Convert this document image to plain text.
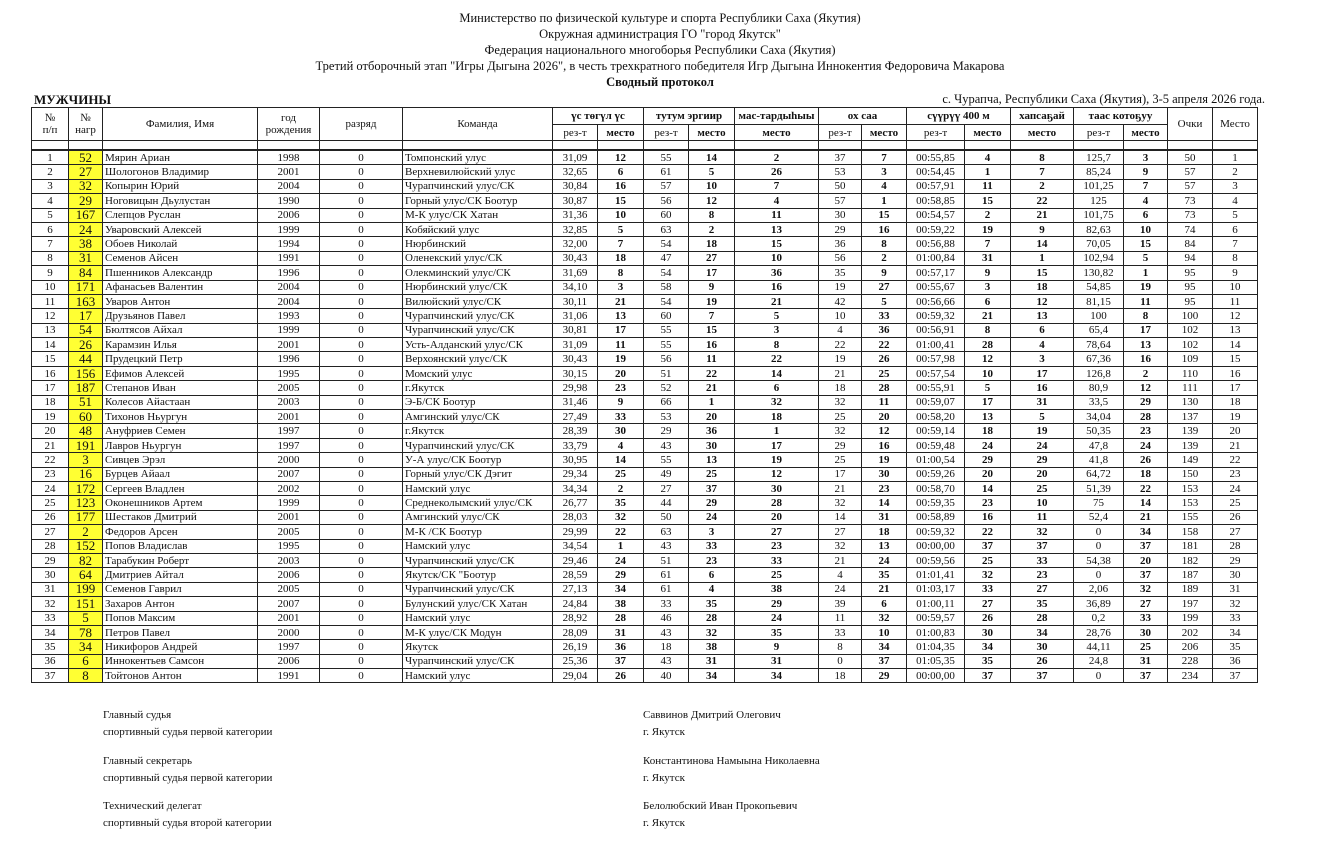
Министерство по физической культуре и спорта Республики Саха (Якутия)
Окружная администрация ГО "город Якутск"
Федерация национального многоборья Республики Саха (Якутия)
Третий отборочный этап "Игры Дыгына 2026", в честь трехкратного победителя Игр Дыгына Иннокентия Федоровича Макарова
Сводный протокол
МУЖЧИНЫ	с. Чурапча, Республики Саха (Якутия), 3-5 апреля 2026 года.
№
п/п	№
нагр	Фамилия, Имя	год
рождения	разряд	Команда	үс төгүл үс		тутум эргиир		мас-тардыһыы	ох саа		сүүрүү 400 м		хапсаҕай	таас котоҕуу		Очки	Место
						рез-т	место	рез-т	место	место	рез-т	место	рез-т	место	место	рез-т	место		

1	52	Мярин Ариан	1998	0	Томпонский улус	31,09	12	55	14	2	37	7	00:55,85	4	8	125,7	3	50	1
2	27	Шологонов Владимир	2001	0	Верхневилюйский улус	32,65	6	61	5	26	53	3	00:54,45	1	7	85,24	9	57	2
3	32	Копырин Юрий	2004	0	Чурапчинский улус/СК	30,84	16	57	10	7	50	4	00:57,91	11	2	101,25	7	57	3
4	29	Ноговицын Дьулустан	1990	0	Горный улус/СК Боотур	30,87	15	56	12	4	57	1	00:58,85	15	22	125	4	73	4
5	167	Слепцов Руслан	2006	0	М-К улус/СК Хатан	31,36	10	60	8	11	30	15	00:54,57	2	21	101,75	6	73	5
6	24	Уваровский Алексей	1999	0	Кобяйский улус	32,85	5	63	2	13	29	16	00:59,22	19	9	82,63	10	74	6
7	38	Обоев Николай	1994	0	Нюрбинский	32,00	7	54	18	15	36	8	00:56,88	7	14	70,05	15	84	7
8	31	Семенов Айсен	1991	0	Оленекский улус/СК	30,43	18	47	27	10	56	2	01:00,84	31	1	102,94	5	94	8
9	84	Пшенников Александр	1996	0	Олекминский улус/СК	31,69	8	54	17	36	35	9	00:57,17	9	15	130,82	1	95	9
10	171	Афанасьев Валентин	2004	0	Нюрбинский улус/СК	34,10	3	58	9	16	19	27	00:55,67	3	18	54,85	19	95	10
11	163	Уваров Антон	2004	0	Вилюйский улус/СК	30,11	21	54	19	21	42	5	00:56,66	6	12	81,15	11	95	11
12	17	Друзьянов Павел	1993	0	Чурапчинский улус/СК	31,06	13	60	7	5	10	33	00:59,32	21	13	100	8	100	12
13	54	Бюлтясов Айхал	1999	0	Чурапчинский улус/СК	30,81	17	55	15	3	4	36	00:56,91	8	6	65,4	17	102	13
14	26	Карамзин Илья	2001	0	Усть-Алданский улус/СК	31,09	11	55	16	8	22	22	01:00,41	28	4	78,64	13	102	14
15	44	Прудецкий Петр	1996	0	Верхоянский улус/СК	30,43	19	56	11	22	19	26	00:57,98	12	3	67,36	16	109	15
16	156	Ефимов Алексей	1995	0	Момский улус	30,15	20	51	22	14	21	25	00:57,54	10	17	126,8	2	110	16
17	187	Степанов Иван	2005	0	г.Якутск	29,98	23	52	21	6	18	28	00:55,91	5	16	80,9	12	111	17
18	51	Колесов Айастаан	2003	0	Э-Б/СК Боотур	31,46	9	66	1	32	32	11	00:59,07	17	31	33,5	29	130	18
19	60	Тихонов Ньургун	2001	0	Амгинский улус/СК	27,49	33	53	20	18	25	20	00:58,20	13	5	34,04	28	137	19
20	48	Ануфриев Семен	1997	0	г.Якутск	28,39	30	29	36	1	32	12	00:59,14	18	19	50,35	23	139	20
21	191	Лавров Ньургун	1997	0	Чурапчинский улус/СК	33,79	4	43	30	17	29	16	00:59,48	24	24	47,8	24	139	21
22	3	Сивцев Эрэл	2000	0	У-А улус/СК Боотур	30,95	14	55	13	19	25	19	01:00,54	29	29	41,8	26	149	22
23	16	Бурцев Айаал	2007	0	Горный улус/СК Дэгит	29,34	25	49	25	12	17	30	00:59,26	20	20	64,72	18	150	23
24	172	Сергеев Владлен	2002	0	Намский улус	34,34	2	27	37	30	21	23	00:58,70	14	25	51,39	22	153	24
25	123	Оконешников Артем	1999	0	Среднеколымский улус/СК	26,77	35	44	29	28	32	14	00:59,35	23	10	75	14	153	25
26	177	Шестаков Дмитрий	2001	0	Амгинский улус/СК	28,03	32	50	24	20	14	31	00:58,89	16	11	52,4	21	155	26
27	2	Федоров Арсен	2005	0	М-К /СК Боотур	29,99	22	63	3	27	27	18	00:59,32	22	32	0	34	158	27
28	152	Попов Владислав	1995	0	Намский улус	34,54	1	43	33	23	32	13	00:00,00	37	37	0	37	181	28
29	82	Тарабукин Роберт	2003	0	Чурапчинский улус/СК	29,46	24	51	23	33	21	24	00:59,56	25	33	54,38	20	182	29
30	64	Дмитриев Айтал	2006	0	Якутск/СК "Боотур	28,59	29	61	6	25	4	35	01:01,41	32	23	0	37	187	30
31	199	Семенов Гаврил	2005	0	Чурапчинский улус/СК	27,13	34	61	4	38	24	21	01:03,17	33	27	2,06	32	189	31
32	151	Захаров Антон	2007	0	Булунский улус/СК Хатан	24,84	38	33	35	29	39	6	01:00,11	27	35	36,89	27	197	32
33	5	Попов Максим	2001	0	Намский улус	28,92	28	46	28	24	11	32	00:59,57	26	28	0,2	33	199	33
34	78	Петров Павел	2000	0	М-К улус/СК Модун	28,09	31	43	32	35	33	10	01:00,83	30	34	28,76	30	202	34
35	34	Никифоров Андрей	1997	0	Якутск	26,19	36	18	38	9	8	34	01:04,35	34	30	44,11	25	206	35
36	6	Иннокентьев Самсон	2006	0	Чурапчинский улус/СК	25,36	37	43	31	31	0	37	01:05,35	35	26	24,8	31	228	36
37	8	Тойтонов Антон	1991	0	Намский улус	29,04	26	40	34	34	18	29	00:00,00	37	37	0	37	234	37
Главный судья
спортивный судья первой категории
Саввинов Дмитрий Олегович
г. Якутск
Главный секретарь
спортивный судья первой категории
Константинова Намыына Николаевна
г. Якутск
Технический делегат
спортивный судья второй категории
Белолюбский Иван Прокопьевич
г. Якутск
